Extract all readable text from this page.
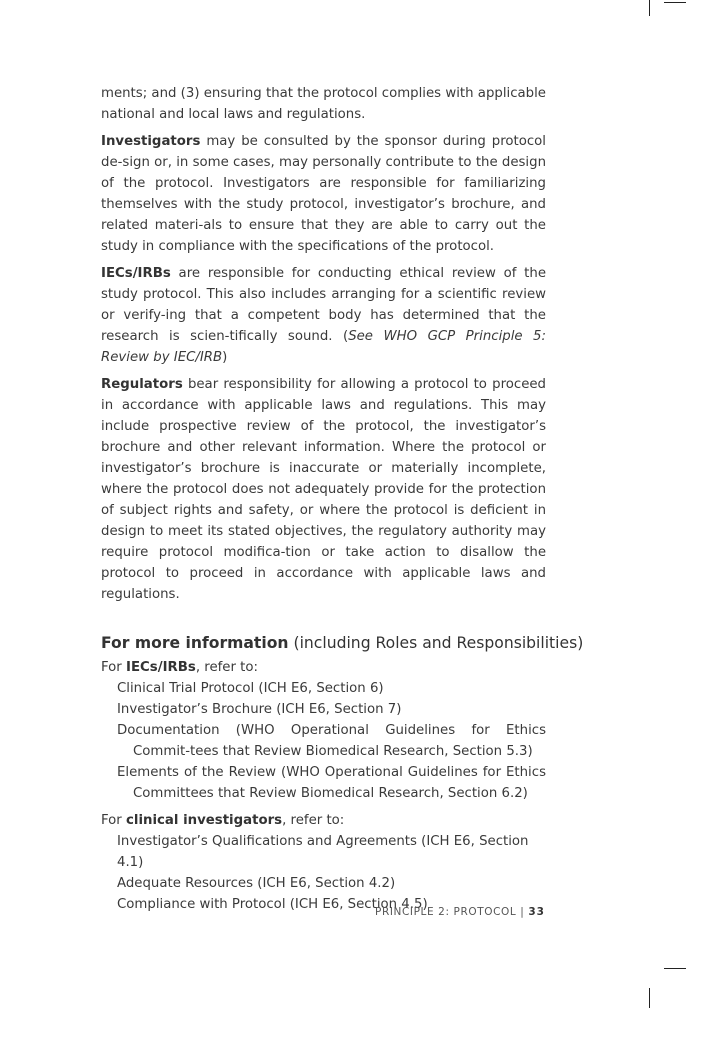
ments; and (3) ensuring that the protocol complies with applicable national and local laws and regulations.

Investigators may be consulted by the sponsor during protocol de-sign or, in some cases, may personally contribute to the design of the protocol. Investigators are responsible for familiarizing themselves with the study protocol, investigator’s brochure, and related materi-als to ensure that they are able to carry out the study in compliance with the specifications of the protocol.

IECs/IRBs are responsible for conducting ethical review of the study protocol. This also includes arranging for a scientific review or verify-ing that a competent body has determined that the research is scien-tifically sound. (See WHO GCP Principle 5: Review by IEC/IRB)

Regulators bear responsibility for allowing a protocol to proceed in accordance with applicable laws and regulations. This may include prospective review of the protocol, the investigator’s brochure and other relevant information. Where the protocol or investigator’s brochure is inaccurate or materially incomplete, where the protocol does not adequately provide for the protection of subject rights and safety, or where the protocol is deficient in design to meet its stated objectives, the regulatory authority may require protocol modifica-tion or take action to disallow the protocol to proceed in accordance with applicable laws and regulations.

For more information (including Roles and Responsibilities)

For IECs/IRBs, refer to:

Clinical Trial Protocol (ICH E6, Section 6)
Investigator’s Brochure (ICH E6, Section 7)
Documentation (WHO Operational Guidelines for Ethics Commit-tees that Review Biomedical Research, Section 5.3)
Elements of the Review (WHO Operational Guidelines for Ethics Committees that Review Biomedical Research, Section 6.2)

For clinical investigators, refer to:

Investigator’s Qualifications and Agreements (ICH E6, Section 4.1)
Adequate Resources (ICH E6, Section 4.2)
Compliance with Protocol (ICH E6, Section 4.5)
PRINCIPLE 2: PROTOCOL | 33
